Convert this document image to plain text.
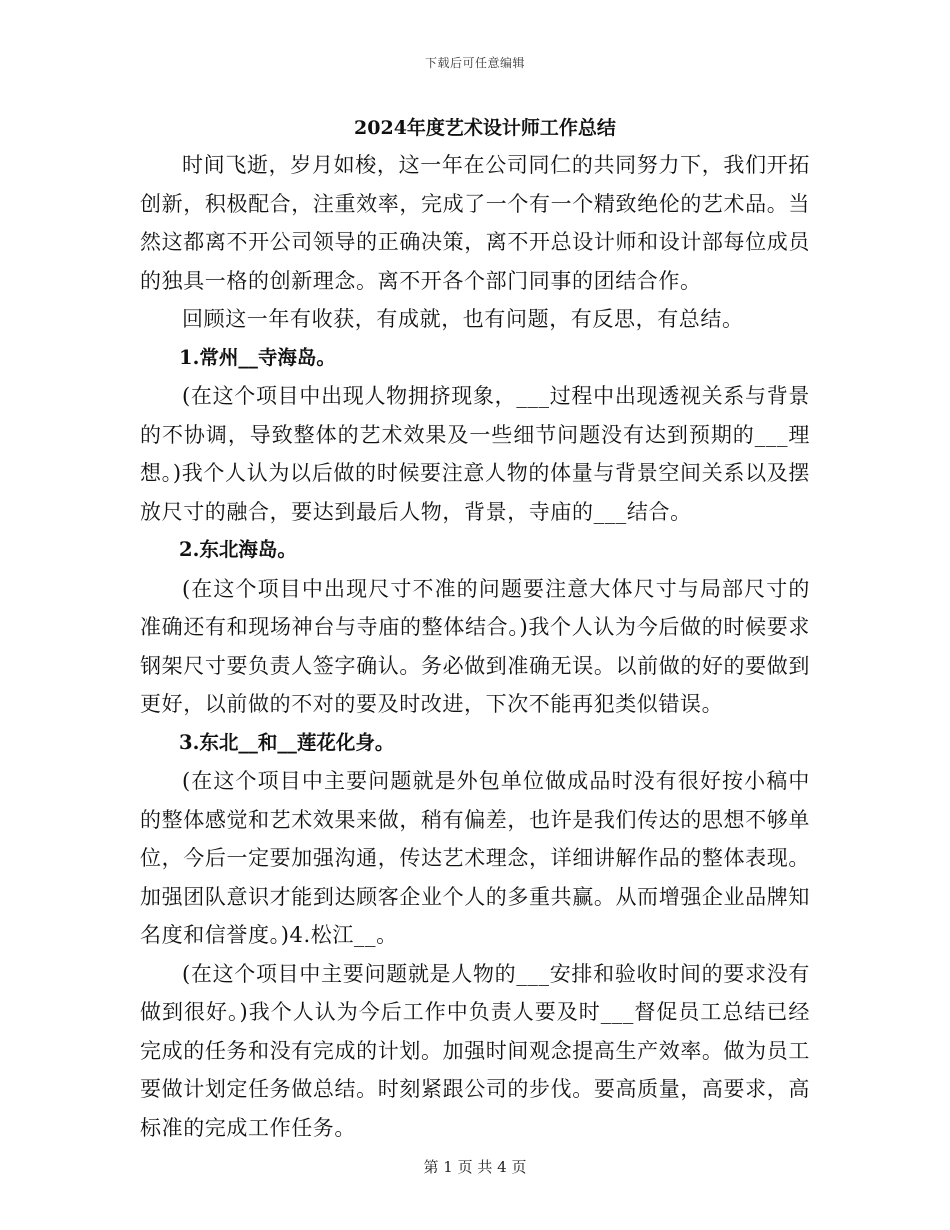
下载后可任意编辑
2024年度艺术设计师工作总结

时间飞逝，岁月如梭，这一年在公司同仁的共同努力下，我们开拓创新，积极配合，注重效率，完成了一个有一个精致绝伦的艺术品。当然这都离不开公司领导的正确决策，离不开总设计师和设计部每位成员的独具一格的创新理念。离不开各个部门同事的团结合作。

回顾这一年有收获，有成就，也有问题，有反思，有总结。

1.常州__寺海岛。

(在这个项目中出现人物拥挤现象，___过程中出现透视关系与背景的不协调，导致整体的艺术效果及一些细节问题没有达到预期的___理想。)我个人认为以后做的时候要注意人物的体量与背景空间关系以及摆放尺寸的融合，要达到最后人物，背景，寺庙的___结合。

2.东北海岛。

(在这个项目中出现尺寸不准的问题要注意大体尺寸与局部尺寸的准确还有和现场神台与寺庙的整体结合。)我个人认为今后做的时候要求钢架尺寸要负责人签字确认。务必做到准确无误。以前做的好的要做到更好，以前做的不对的要及时改进，下次不能再犯类似错误。

3.东北__和__莲花化身。

(在这个项目中主要问题就是外包单位做成品时没有很好按小稿中的整体感觉和艺术效果来做，稍有偏差，也许是我们传达的思想不够单位，今后一定要加强沟通，传达艺术理念，详细讲解作品的整体表现。加强团队意识才能到达顾客企业个人的多重共赢。从而增强企业品牌知名度和信誉度。)4.松江__。

(在这个项目中主要问题就是人物的___安排和验收时间的要求没有做到很好。)我个人认为今后工作中负责人要及时___督促员工总结已经完成的任务和没有完成的计划。加强时间观念提高生产效率。做为员工要做计划定任务做总结。时刻紧跟公司的步伐。要高质量，高要求，高标准的完成工作任务。

第 1 页 共 4 页
